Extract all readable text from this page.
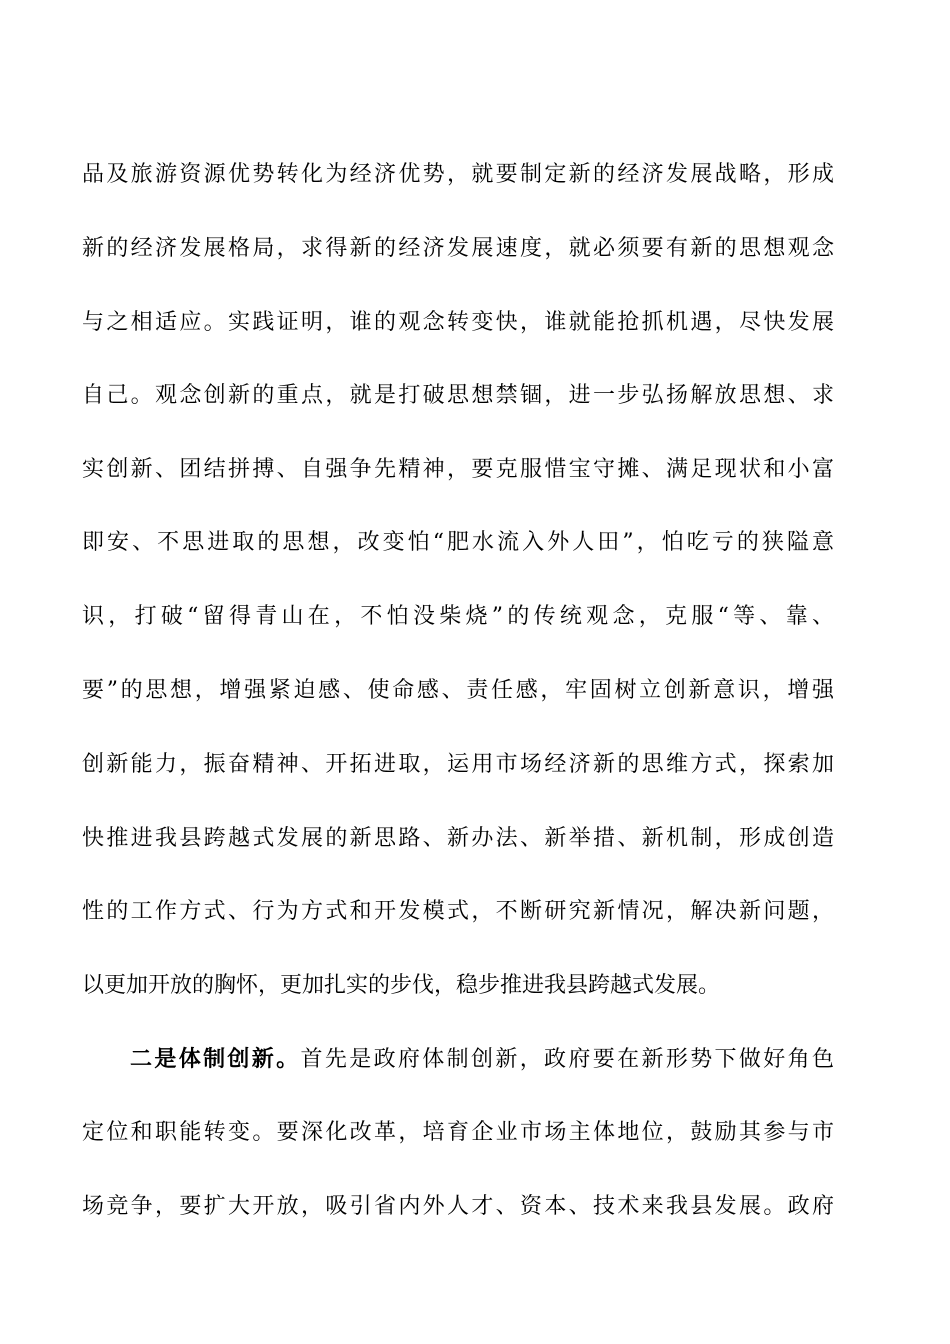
品及旅游资源优势转化为经济优势，就要制定新的经济发展战略，形成
新的经济发展格局，求得新的经济发展速度，就必须要有新的思想观念
与之相适应。实践证明，谁的观念转变快，谁就能抢抓机遇，尽快发展
自己。观念创新的重点，就是打破思想禁锢，进一步弘扬解放思想、求
实创新、团结拼搏、自强争先精神，要克服惜宝守摊、满足现状和小富
即安、不思进取的思想，改变怕“肥水流入外人田”，怕吃亏的狭隘意
识，打破“留得青山在，不怕没柴烧”的传统观念，克服“等、靠、
要”的思想，增强紧迫感、使命感、责任感，牢固树立创新意识，增强
创新能力，振奋精神、开拓进取，运用市场经济新的思维方式，探索加
快推进我县跨越式发展的新思路、新办法、新举措、新机制，形成创造
性的工作方式、行为方式和开发模式，不断研究新情况，解决新问题，
以更加开放的胸怀，更加扎实的步伐，稳步推进我县跨越式发展。
二是体制创新。首先是政府体制创新，政府要在新形势下做好角色
定位和职能转变。要深化改革，培育企业市场主体地位，鼓励其参与市
场竞争，要扩大开放，吸引省内外人才、资本、技术来我县发展。政府
